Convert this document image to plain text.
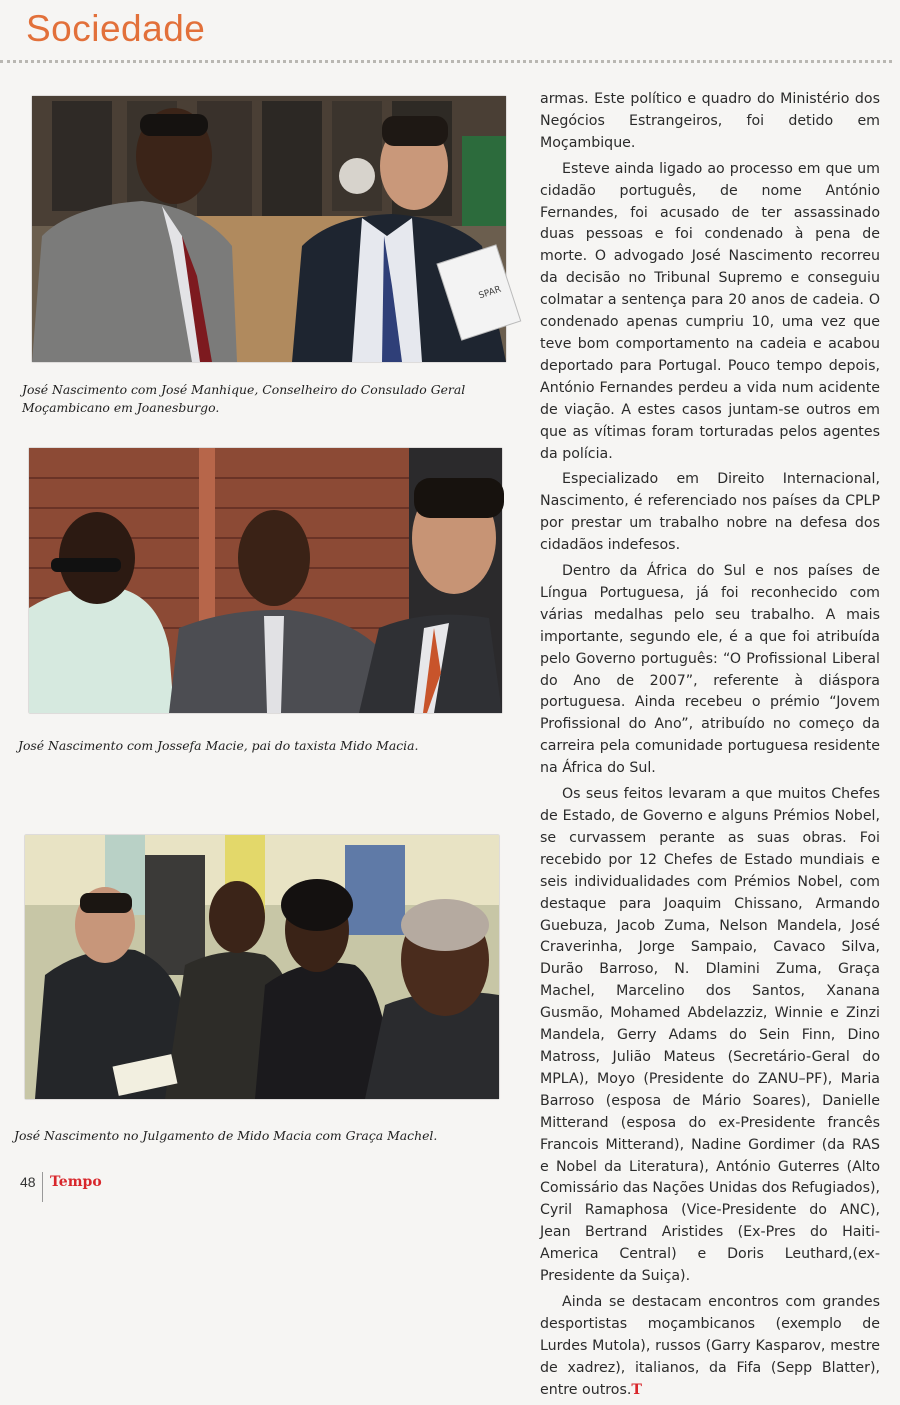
Sociedade
SPAR
José Nascimento com José Manhique, Conselheiro do Consulado Geral Moçambicano em Joanesburgo.
José Nascimento com Jossefa Macie, pai do taxista Mido Macia.
José Nascimento no Julgamento de Mido Macia com Graça Machel.

armas. Este político e quadro do Ministério dos Negócios Estrangeiros, foi detido em Moçambique.

Esteve ainda ligado ao processo em que um cidadão português, de nome António Fernandes, foi acusado de ter assassinado duas pessoas e foi condenado à pena de morte. O advogado José Nascimento recorreu da decisão no Tribunal Supremo e conseguiu colmatar a sentença para 20 anos de cadeia. O condenado apenas cumpriu 10, uma vez que teve bom comportamento na cadeia e acabou deportado para Portugal. Pouco tempo depois, António Fernandes perdeu a vida num acidente de viação. A estes casos juntam-se outros em que as vítimas foram torturadas pelos agentes da polícia.

Especializado em Direito Internacional, Nascimento, é referenciado nos países da CPLP por prestar um trabalho nobre na defesa dos cidadãos indefesos.

Dentro da África do Sul e nos países de Língua Portuguesa, já foi reconhecido com várias medalhas pelo seu trabalho. A mais importante, segundo ele, é a que foi atribuída pelo Governo português: “O Profissional Liberal do Ano de 2007”, referente à diáspora portuguesa. Ainda recebeu o prémio “Jovem Profissional do Ano”, atribuído no começo da carreira pela comunidade portuguesa residente na África do Sul.

Os seus feitos levaram a que muitos Chefes de Estado, de Governo e alguns Prémios Nobel, se curvassem perante as suas obras. Foi recebido por 12 Chefes de Estado mundiais e seis individualidades com Prémios Nobel, com destaque para Joaquim Chissano, Armando Guebuza, Jacob Zuma, Nelson Mandela, José Craverinha, Jorge Sampaio, Cavaco Silva, Durão Barroso, N. Dlamini Zuma, Graça Machel, Marcelino dos Santos, Xanana Gusmão, Mohamed Abdelazziz, Winnie e Zinzi Mandela, Gerry Adams do Sein Finn, Dino Matross, Julião Mateus (Secretário-Geral do MPLA), Moyo (Presidente do ZANU–PF), Maria Barroso (esposa de Mário Soares), Danielle Mitterand (esposa do ex-Presidente francês Francois Mitterand), Nadine Gordimer (da RAS e Nobel da Literatura), António Guterres (Alto Comissário das Nações Unidas dos Refugiados), Cyril Ramaphosa (Vice-Presidente do ANC), Jean Bertrand Aristides (Ex-Pres do Haiti-America Central) e Doris Leuthard,(ex-Presidente da Suiça).

Ainda se destacam encontros com grandes desportistas moçambicanos (exemplo de Lurdes Mutola), russos (Garry Kasparov, mestre de xadrez), italianos, da Fifa (Sepp Blatter), entre outros.T

48 Tempo
